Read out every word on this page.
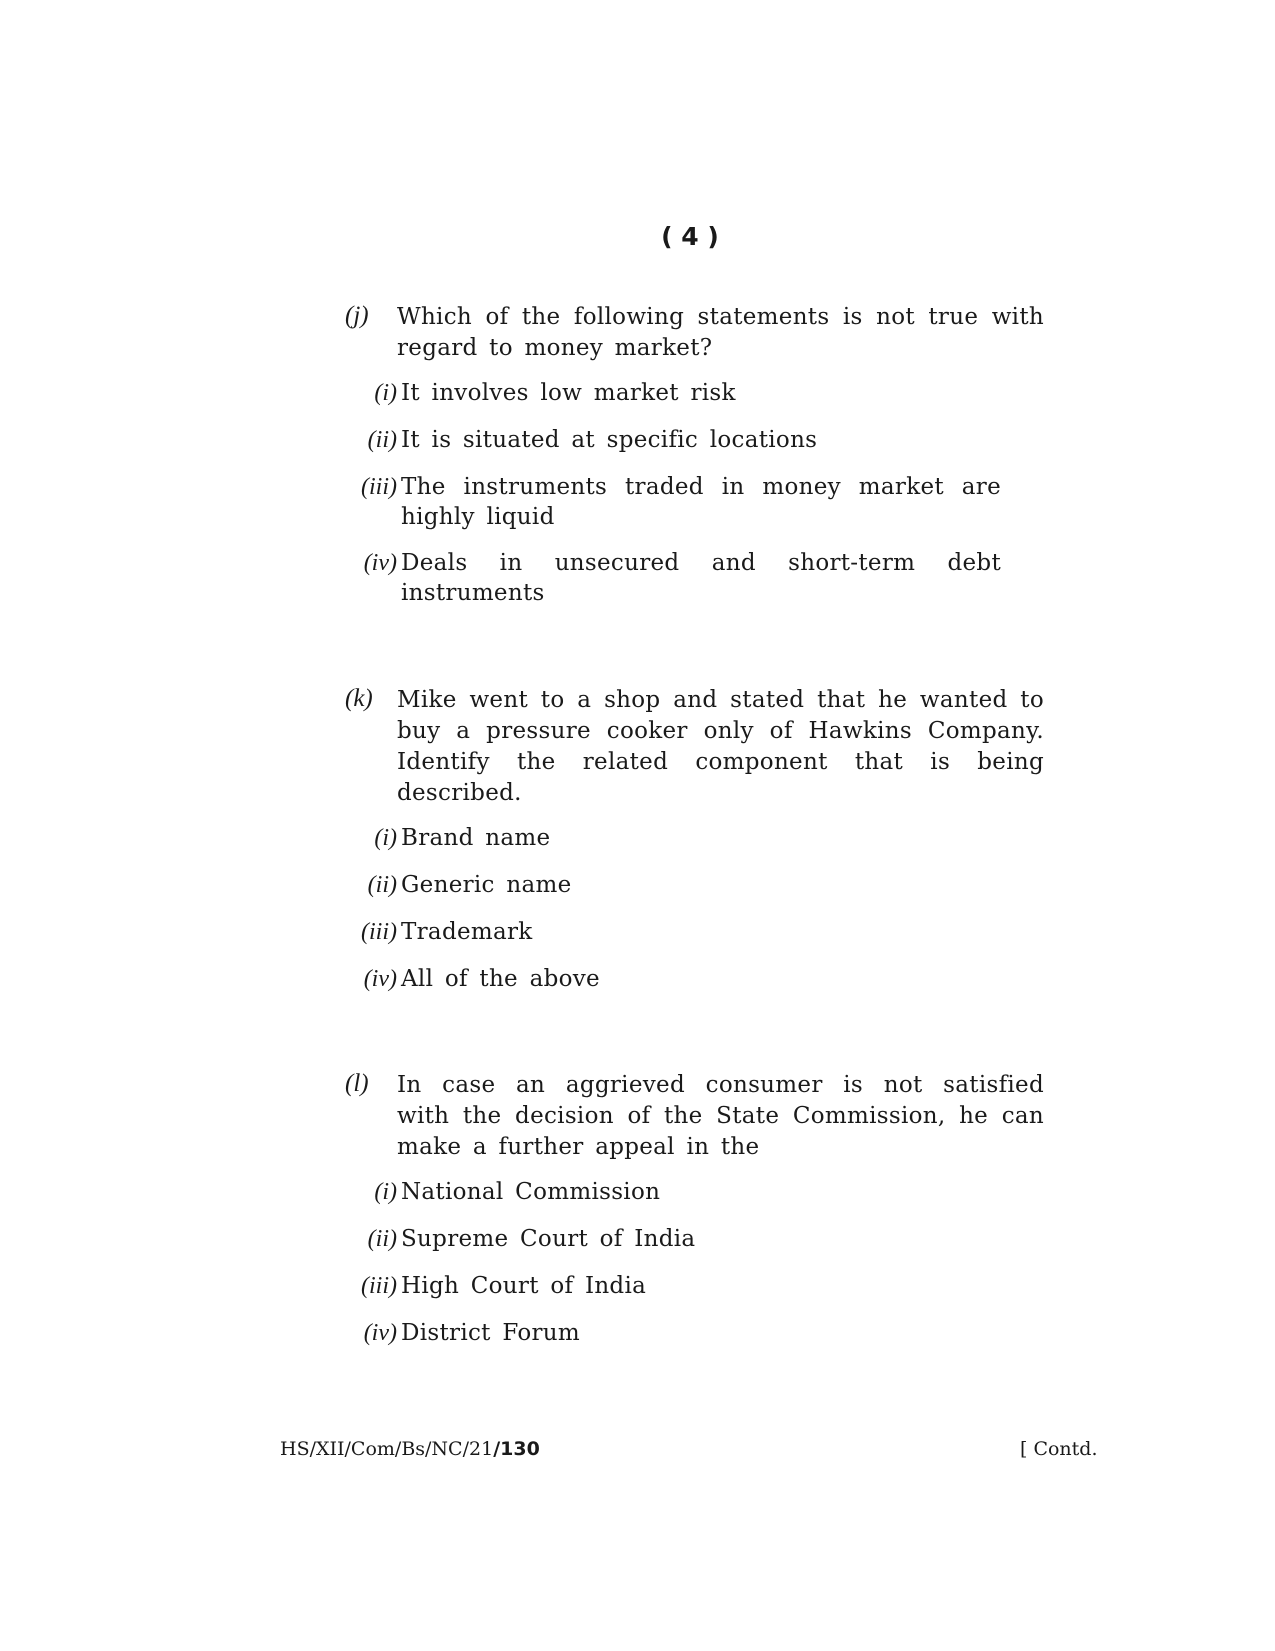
( 4 )
(j) Which of the following statements is not true with regard to money market?
(i) It involves low market risk
(ii) It is situated at specific locations
(iii) The instruments traded in money market are highly liquid
(iv) Deals in unsecured and short-term debt instruments
(k) Mike went to a shop and stated that he wanted to buy a pressure cooker only of Hawkins Company. Identify the related component that is being described.
(i) Brand name
(ii) Generic name
(iii) Trademark
(iv) All of the above
(l) In case an aggrieved consumer is not satisfied with the decision of the State Commission, he can make a further appeal in the
(i) National Commission
(ii) Supreme Court of India
(iii) High Court of India
(iv) District Forum
HS/XII/Com/Bs/NC/21/130	[ Contd.
